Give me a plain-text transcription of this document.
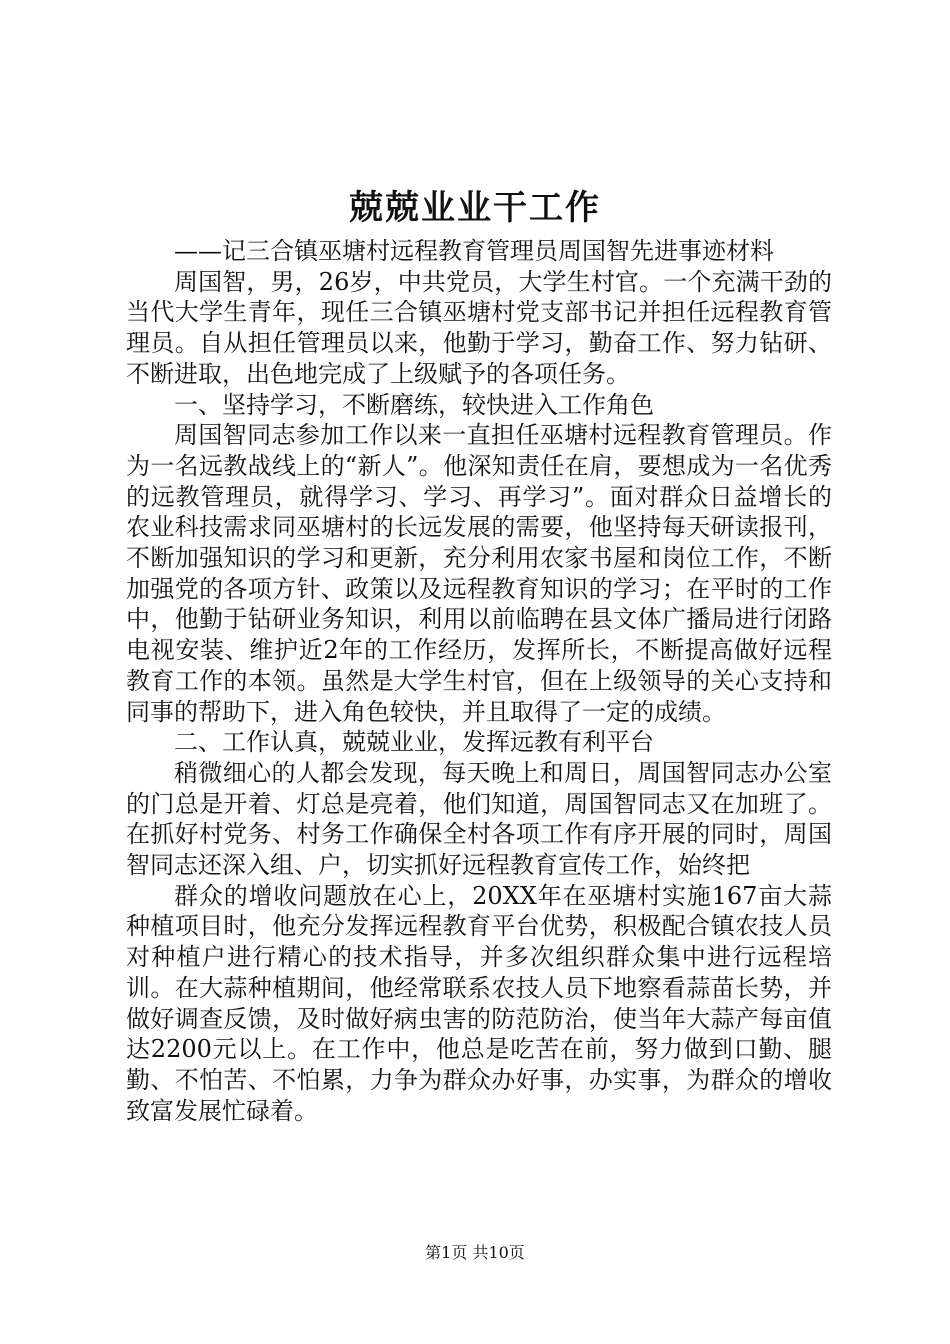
兢兢业业干工作

——记三合镇巫塘村远程教育管理员周国智先进事迹材料

周国智，男，26岁，中共党员，大学生村官。一个充满干劲的当代大学生青年，现任三合镇巫塘村党支部书记并担任远程教育管理员。自从担任管理员以来，他勤于学习，勤奋工作、努力钻研、不断进取，出色地完成了上级赋予的各项任务。

一、坚持学习，不断磨练，较快进入工作角色

周国智同志参加工作以来一直担任巫塘村远程教育管理员。作为一名远教战线上的“新人”。他深知责任在肩，要想成为一名优秀的远教管理员，就得学习、学习、再学习”。面对群众日益增长的农业科技需求同巫塘村的长远发展的需要，他坚持每天研读报刊，不断加强知识的学习和更新，充分利用农家书屋和岗位工作，不断加强党的各项方针、政策以及远程教育知识的学习；在平时的工作中，他勤于钻研业务知识，利用以前临聘在县文体广播局进行闭路电视安装、维护近2年的工作经历，发挥所长，不断提高做好远程教育工作的本领。虽然是大学生村官，但在上级领导的关心支持和同事的帮助下，进入角色较快，并且取得了一定的成绩。

二、工作认真，兢兢业业，发挥远教有利平台

稍微细心的人都会发现，每天晚上和周日，周国智同志办公室的门总是开着、灯总是亮着，他们知道，周国智同志又在加班了。在抓好村党务、村务工作确保全村各项工作有序开展的同时，周国智同志还深入组、户，切实抓好远程教育宣传工作，始终把

群众的增收问题放在心上，20XX年在巫塘村实施167亩大蒜种植项目时，他充分发挥远程教育平台优势，积极配合镇农技人员对种植户进行精心的技术指导，并多次组织群众集中进行远程培训。在大蒜种植期间，他经常联系农技人员下地察看蒜苗长势，并做好调查反馈，及时做好病虫害的防范防治，使当年大蒜产每亩值达2200元以上。在工作中，他总是吃苦在前，努力做到口勤、腿勤、不怕苦、不怕累，力争为群众办好事，办实事，为群众的增收致富发展忙碌着。

第1页 共10页
